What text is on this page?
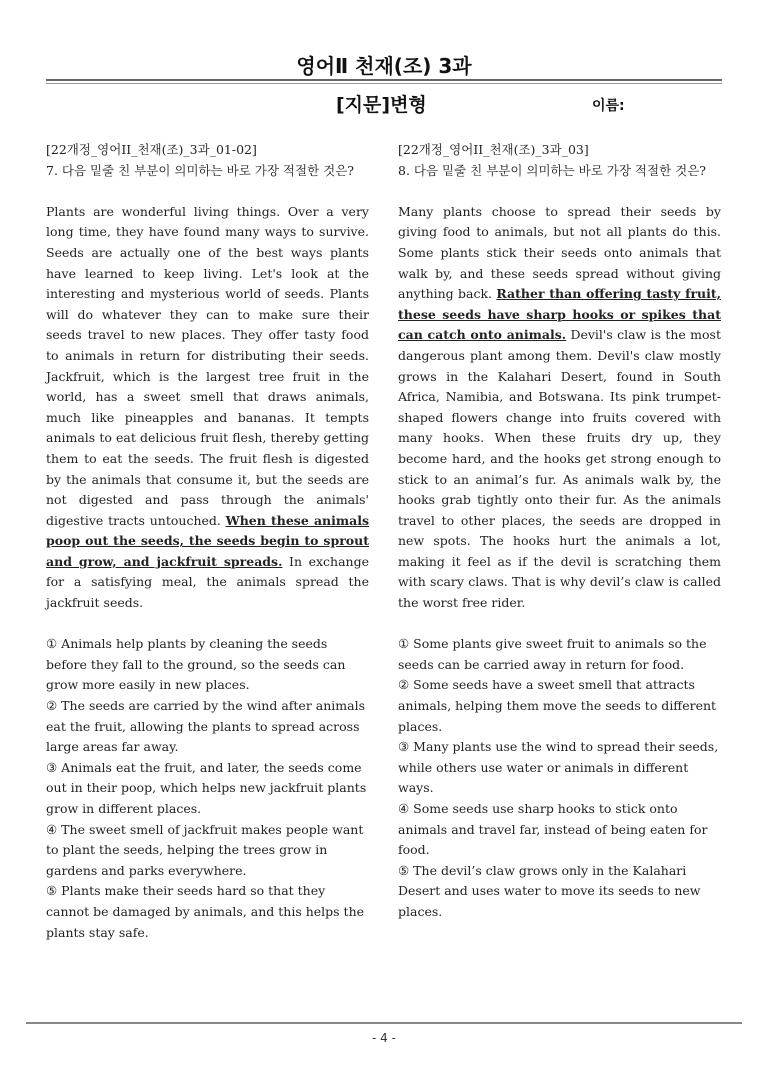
영어Ⅱ 천재(조) 3과
[지문]변형	이름:
[22개정_영어II_천재(조)_3과_01-02]
7. 다음 밑줄 친 부분이 의미하는 바로 가장 적절한 것은?

Plants are wonderful living things. Over a very long time, they have found many ways to survive. Seeds are actually one of the best ways plants have learned to keep living. Let's look at the interesting and mysterious world of seeds. Plants will do whatever they can to make sure their seeds travel to new places. They offer tasty food to animals in return for distributing their seeds. Jackfruit, which is the largest tree fruit in the world, has a sweet smell that draws animals, much like pineapples and bananas. It tempts animals to eat delicious fruit flesh, thereby getting them to eat the seeds. The fruit flesh is digested by the animals that consume it, but the seeds are not digested and pass through the animals' digestive tracts untouched. When these animals poop out the seeds, the seeds begin to sprout and grow, and jackfruit spreads. In exchange for a satisfying meal, the animals spread the jackfruit seeds.

① Animals help plants by cleaning the seeds before they fall to the ground, so the seeds can grow more easily in new places.
② The seeds are carried by the wind after animals eat the fruit, allowing the plants to spread across large areas far away.
③ Animals eat the fruit, and later, the seeds come out in their poop, which helps new jackfruit plants grow in different places.
④ The sweet smell of jackfruit makes people want to plant the seeds, helping the trees grow in gardens and parks everywhere.
⑤ Plants make their seeds hard so that they cannot be damaged by animals, and this helps the plants stay safe.
[22개정_영어II_천재(조)_3과_03]
8. 다음 밑줄 친 부분이 의미하는 바로 가장 적절한 것은?

Many plants choose to spread their seeds by giving food to animals, but not all plants do this. Some plants stick their seeds onto animals that walk by, and these seeds spread without giving anything back. Rather than offering tasty fruit, these seeds have sharp hooks or spikes that can catch onto animals. Devil's claw is the most dangerous plant among them. Devil's claw mostly grows in the Kalahari Desert, found in South Africa, Namibia, and Botswana. Its pink trumpet-shaped flowers change into fruits covered with many hooks. When these fruits dry up, they become hard, and the hooks get strong enough to stick to an animal’s fur. As animals walk by, the hooks grab tightly onto their fur. As the animals travel to other places, the seeds are dropped in new spots. The hooks hurt the animals a lot, making it feel as if the devil is scratching them with scary claws. That is why devil’s claw is called the worst free rider.

① Some plants give sweet fruit to animals so the seeds can be carried away in return for food.
② Some seeds have a sweet smell that attracts animals, helping them move the seeds to different places.
③ Many plants use the wind to spread their seeds, while others use water or animals in different ways.
④ Some seeds use sharp hooks to stick onto animals and travel far, instead of being eaten for food.
⑤ The devil’s claw grows only in the Kalahari Desert and uses water to move its seeds to new places.
- 4 -
